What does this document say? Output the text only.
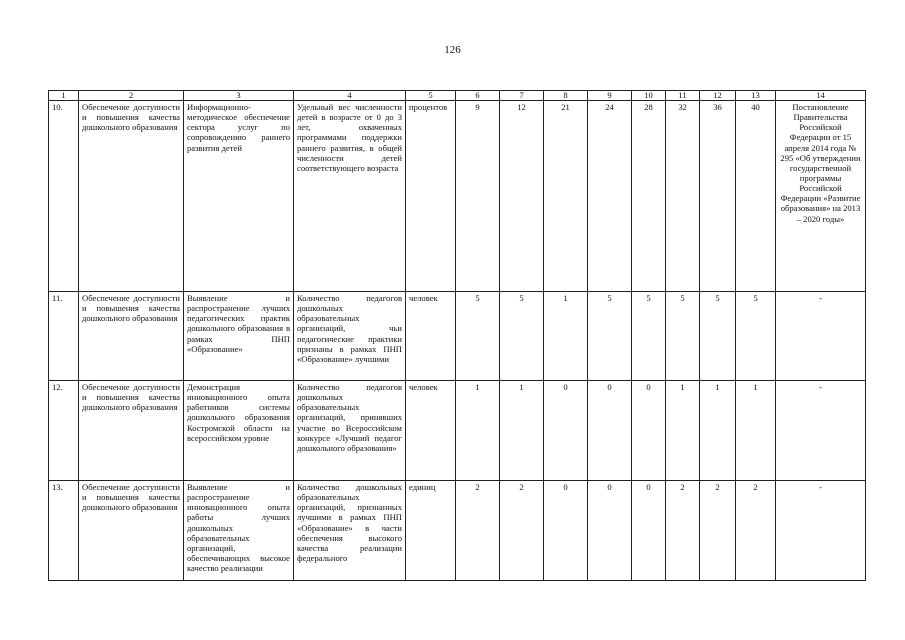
126
1	2	3	4	5	6	7	8	9	10	11	12	13	14
10.	Обеспечение доступности и повышения качества дошкольного образования	Информационно-методическое обеспечение сектора услуг по сопровождению раннего развития детей	Удельный вес численности детей в возрасте от 0 до 3 лет, охваченных программами поддержки раннего развития, в общей численности детей соответствующего возраста	процентов	9	12	21	24	28	32	36	40	Постановление Правительства Российской Федерации от 15 апреля 2014 года № 295 «Об утверждении государственной программы Российской Федерации «Развитие образования» на 2013 – 2020 годы»
11.	Обеспечение доступности и повышения качества дошкольного образования	Выявление и распространение лучших педагогических практик дошкольного образования в рамках ПНП «Образование»	Количество педагогов дошкольных образовательных организаций, чьи педагогические практики признаны в рамках ПНП «Образование» лучшими	человек	5	5	1	5	5	5	5	5	-
12.	Обеспечение доступности и повышения качества дошкольного образования	Демонстрация инновационного опыта работников системы дошкольного образования Костромской области на всероссийском уровне	Количество педагогов дошкольных образовательных организаций, принявших участие во Всероссийском конкурсе «Лучший педагог дошкольного образования»	человек	1	1	0	0	0	1	1	1	-
13.	Обеспечение доступности и повышения качества дошкольного образования	Выявление и распространение инновационного опыта работы лучших дошкольных образовательных организаций, обеспечивающих высокое качество реализации	Количество дошкольных образовательных организаций, признанных лучшими в рамках ПНП «Образование» в части обеспечения высокого качества реализации федерального	единиц	2	2	0	0	0	2	2	2	-
